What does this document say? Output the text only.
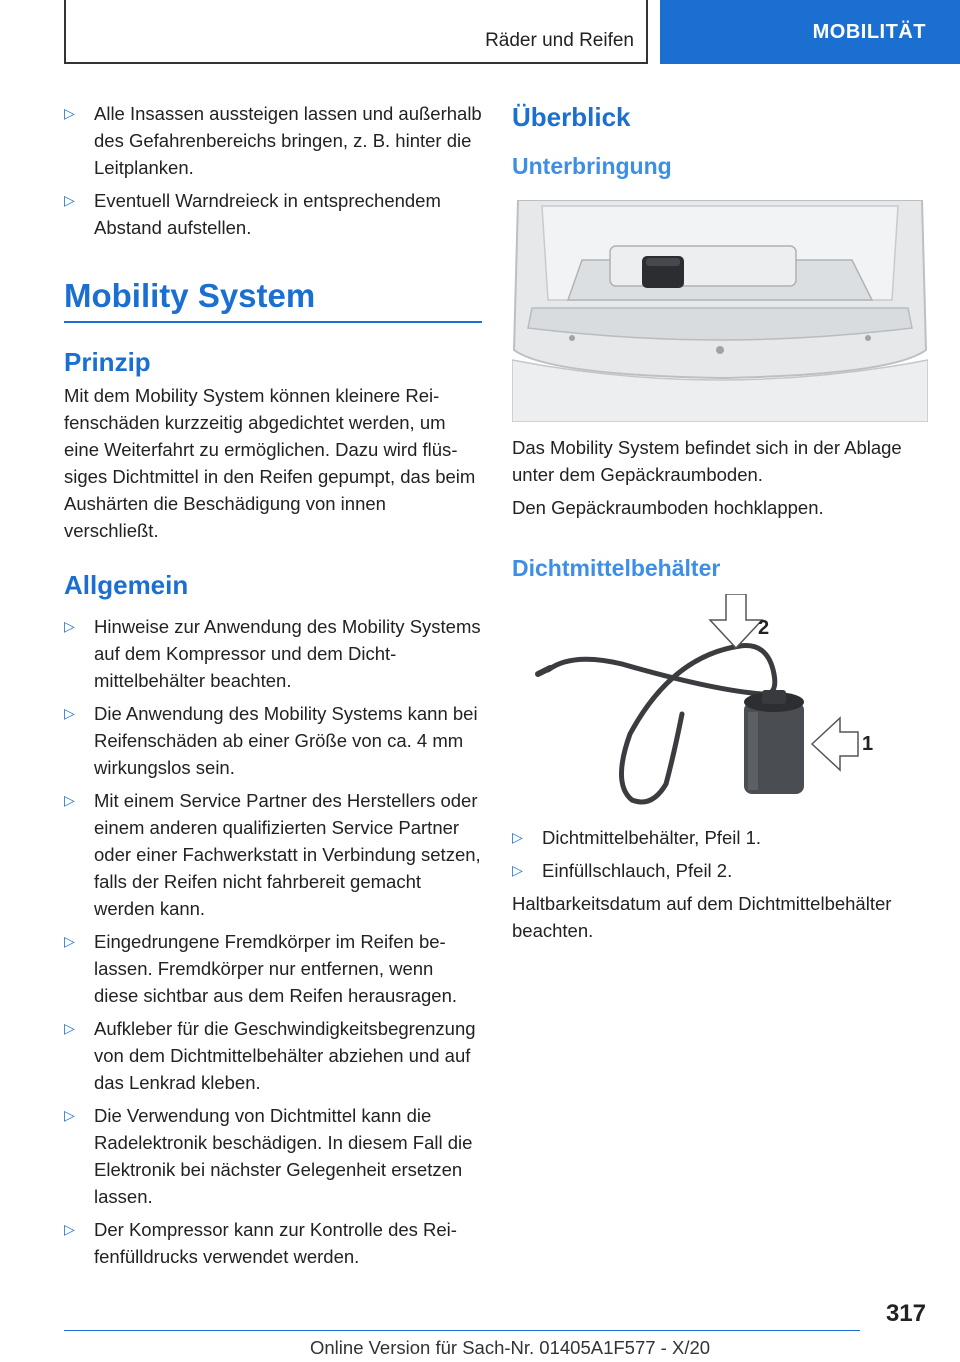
Räder und Reifen	MOBILITÄT
▷ Alle Insassen aussteigen lassen und außerhalb des Gefahrenbereichs bringen, z. B. hinter die Leitplanken.
▷ Eventuell Warndreieck in entsprechendem Abstand aufstellen.
Mobility System
Prinzip

Mit dem Mobility System können kleinere Reifenschäden kurzzeitig abgedichtet werden, um eine Weiterfahrt zu ermöglichen. Dazu wird flüssiges Dichtmittel in den Reifen gepumpt, das beim Aushärten die Beschädigung von innen verschließt.

Allgemein
▷ Hinweise zur Anwendung des Mobility Systems auf dem Kompressor und dem Dichtmittelbehälter beachten.
▷ Die Anwendung des Mobility Systems kann bei Reifenschäden ab einer Größe von ca. 4 mm wirkungslos sein.
▷ Mit einem Service Partner des Herstellers oder einem anderen qualifizierten Service Partner oder einer Fachwerkstatt in Verbindung setzen, falls der Reifen nicht fahrbereit gemacht werden kann.
▷ Eingedrungene Fremdkörper im Reifen belassen. Fremdkörper nur entfernen, wenn diese sichtbar aus dem Reifen herausragen.
▷ Aufkleber für die Geschwindigkeitsbegrenzung von dem Dichtmittelbehälter abziehen und auf das Lenkrad kleben.
▷ Die Verwendung von Dichtmittel kann die Radelektronik beschädigen. In diesem Fall die Elektronik bei nächster Gelegenheit ersetzen lassen.
▷ Der Kompressor kann zur Kontrolle des Reifenfülldrucks verwendet werden.
Überblick
Unterbringung

Das Mobility System befindet sich in der Ablage unter dem Gepäckraumboden.

Den Gepäckraumboden hochklappen.

Dichtmittelbehälter
2
1
▷ Dichtmittelbehälter, Pfeil 1.
▷ Einfüllschlauch, Pfeil 2.

Haltbarkeitsdatum auf dem Dichtmittelbehälter beachten.

317
Online Version für Sach-Nr. 01405A1F577 - X/20
